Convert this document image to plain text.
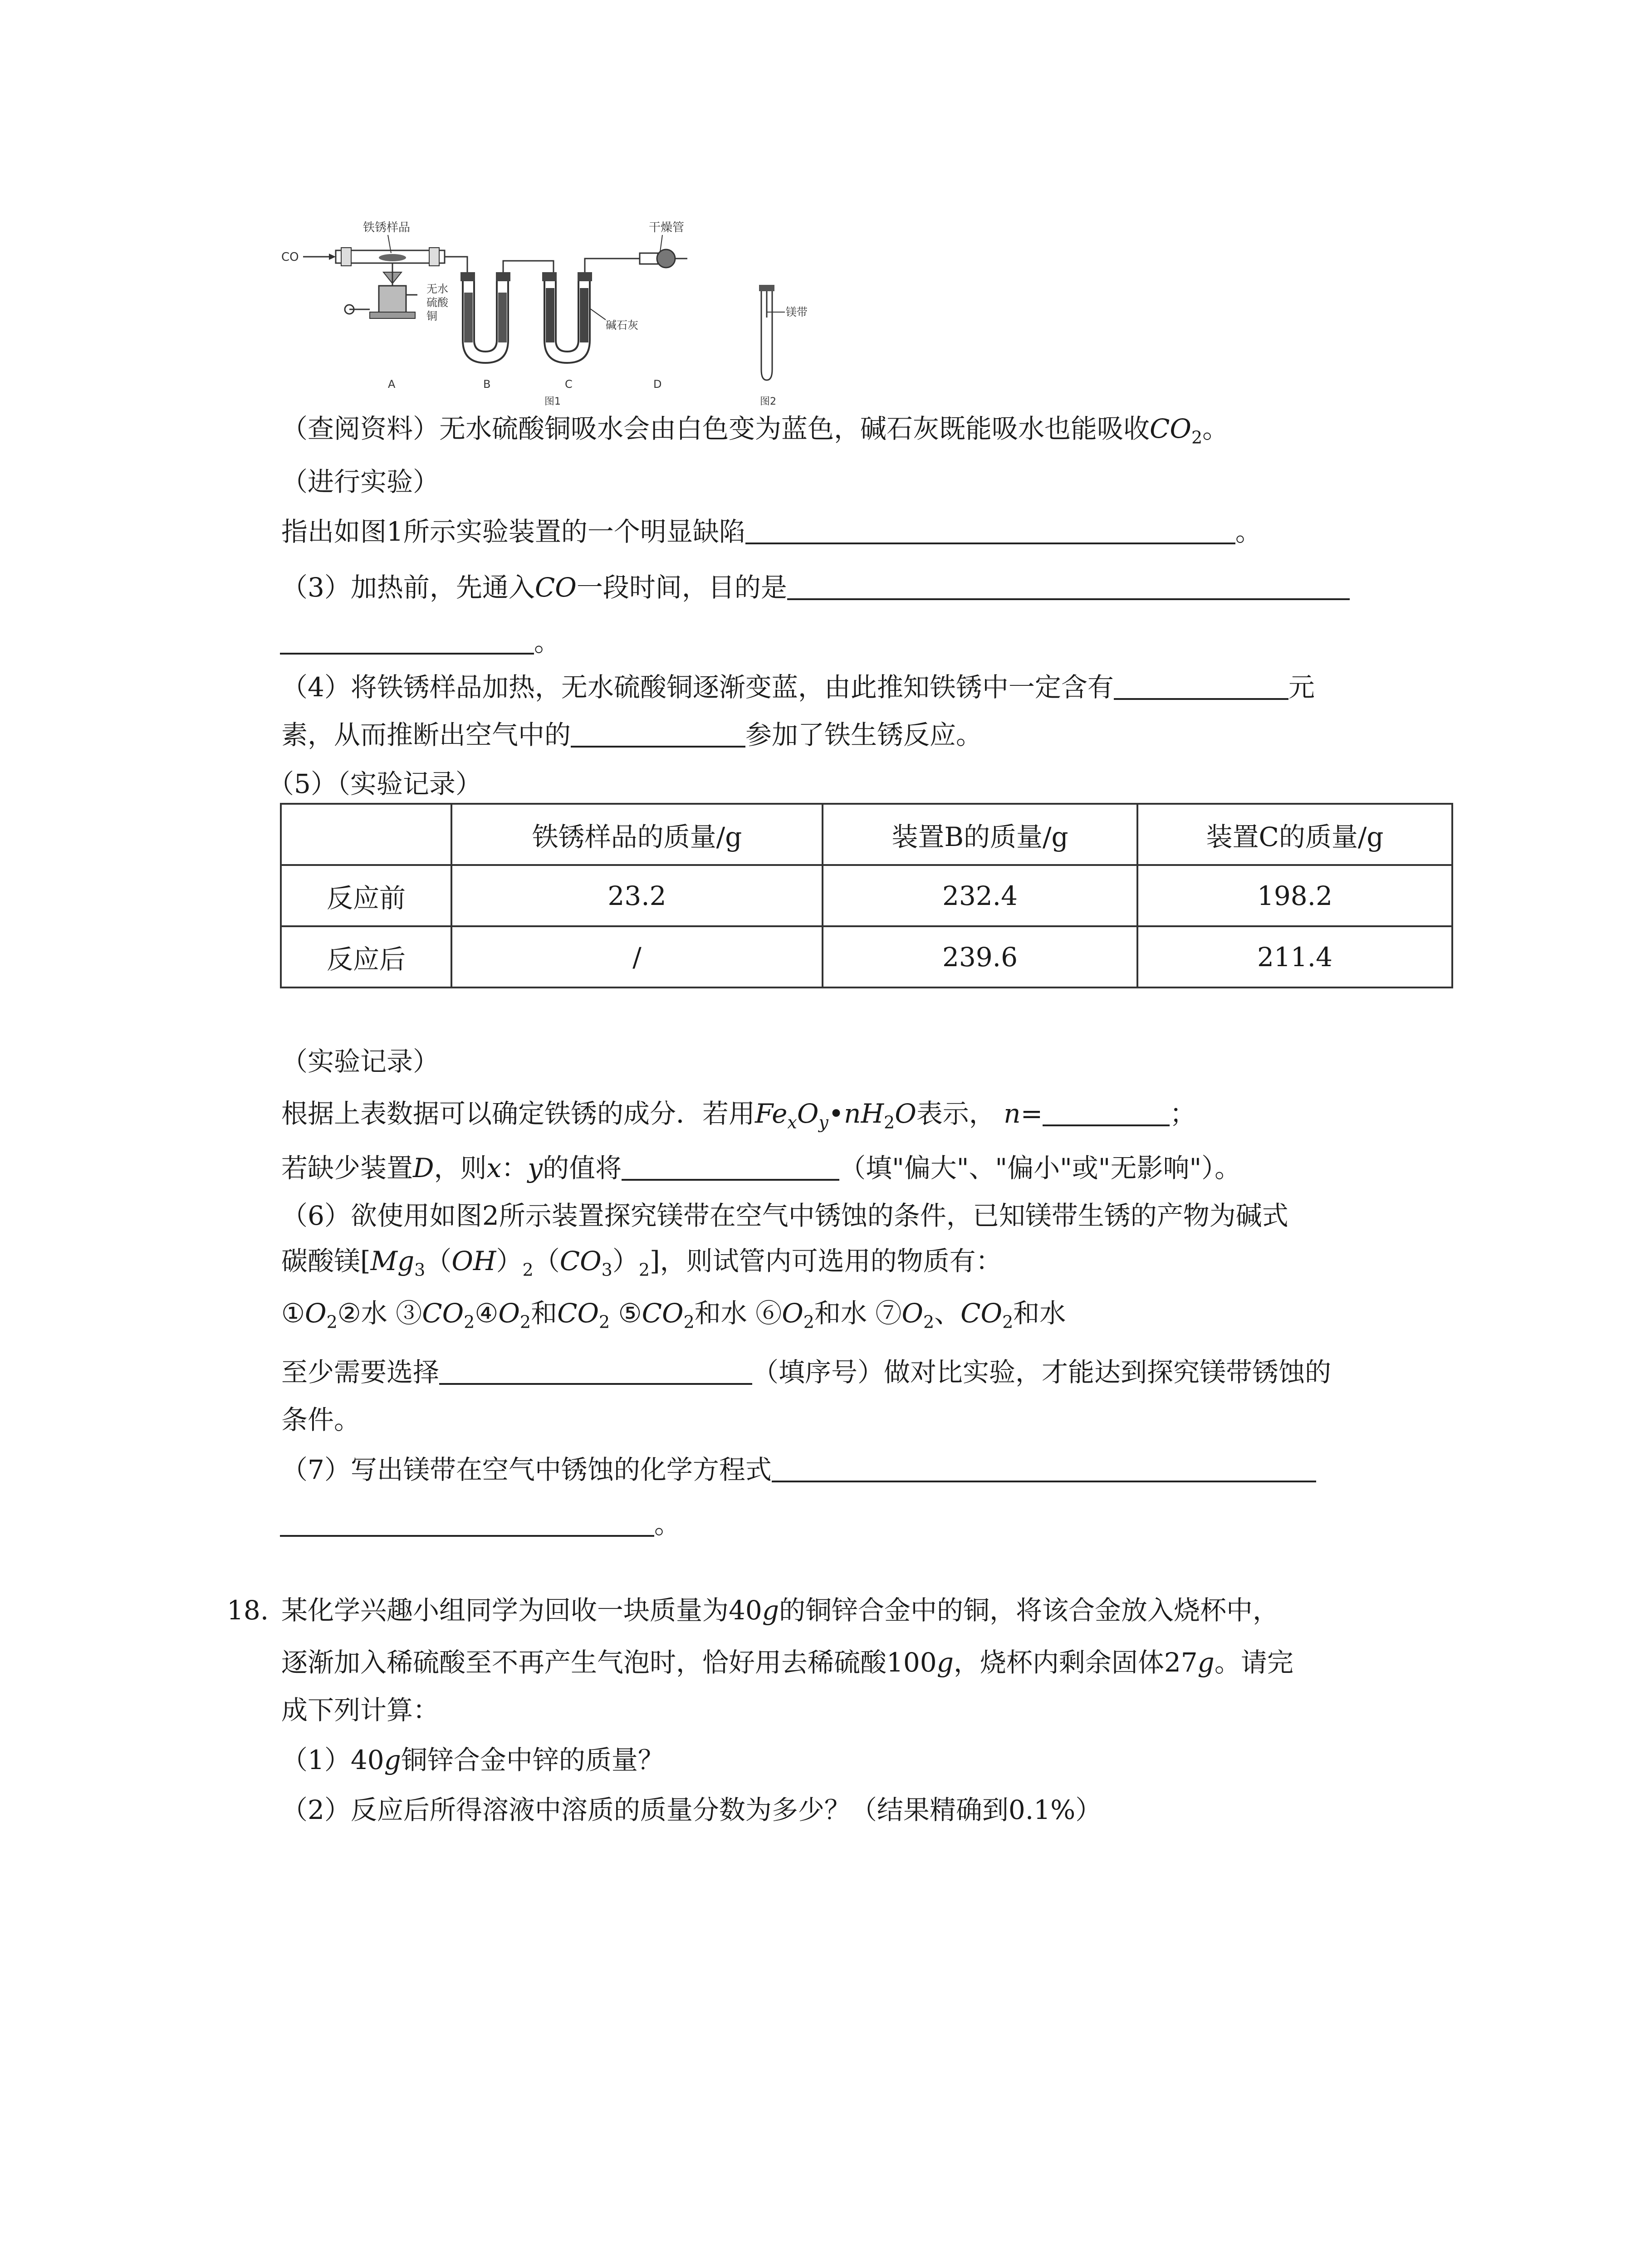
CO
铁锈样品
无水
硫酸
铜
干燥管
碱石灰
A	B	C	D
图1
镁带
图2
（查阅资料）无水硫酸铜吸水会由白色变为蓝色，碱石灰既能吸水也能吸收$CO_2$。
（进行实验）
指出如图1所示实验装置的一个明显缺陷	。
（3）加热前，先通入CO一段时间，目的是
。
（4）将铁锈样品加热，无水硫酸铜逐渐变蓝，由此推知铁锈中一定含有	元
素，从而推断出空气中的	参加了铁生锈反应。
（5）（实验记录）
	铁锈样品的质量/g	装置B的质量/g	装置C的质量/g
反应前	23.2	232.4	198.2
反应后	/	239.6	211.4
（实验记录）
根据上表数据可以确定铁锈的成分．若用$Fe_xO_y•nH_2O$表示， n=	；
若缺少装置D，则x：y的值将	（填"偏大"、"偏小"或"无影响"）。
（6）欲使用如图2所示装置探究镁带在空气中锈蚀的条件，已知镁带生锈的产物为碱式
碳酸镁$[Mg_3(OH)_2(CO_3)_2]$，则试管内可选用的物质有：
$①O_2②$水 $③CO_2④O_2$和$CO_2$ $⑤CO_2$和水 $⑥O_2$和水 $⑦O_2$、$CO_2$和水
至少需要选择	（填序号）做对比实验，才能达到探究镁带锈蚀的
条件。
（7）写出镁带在空气中锈蚀的化学方程式
。
18. 某化学兴趣小组同学为回收一块质量为40g的铜锌合金中的铜，将该合金放入烧杯中，
逐渐加入稀硫酸至不再产生气泡时，恰好用去稀硫酸100g，烧杯内剩余固体27g。请完
成下列计算：
（1）40g铜锌合金中锌的质量？
（2）反应后所得溶液中溶质的质量分数为多少？（结果精确到0.1%）
